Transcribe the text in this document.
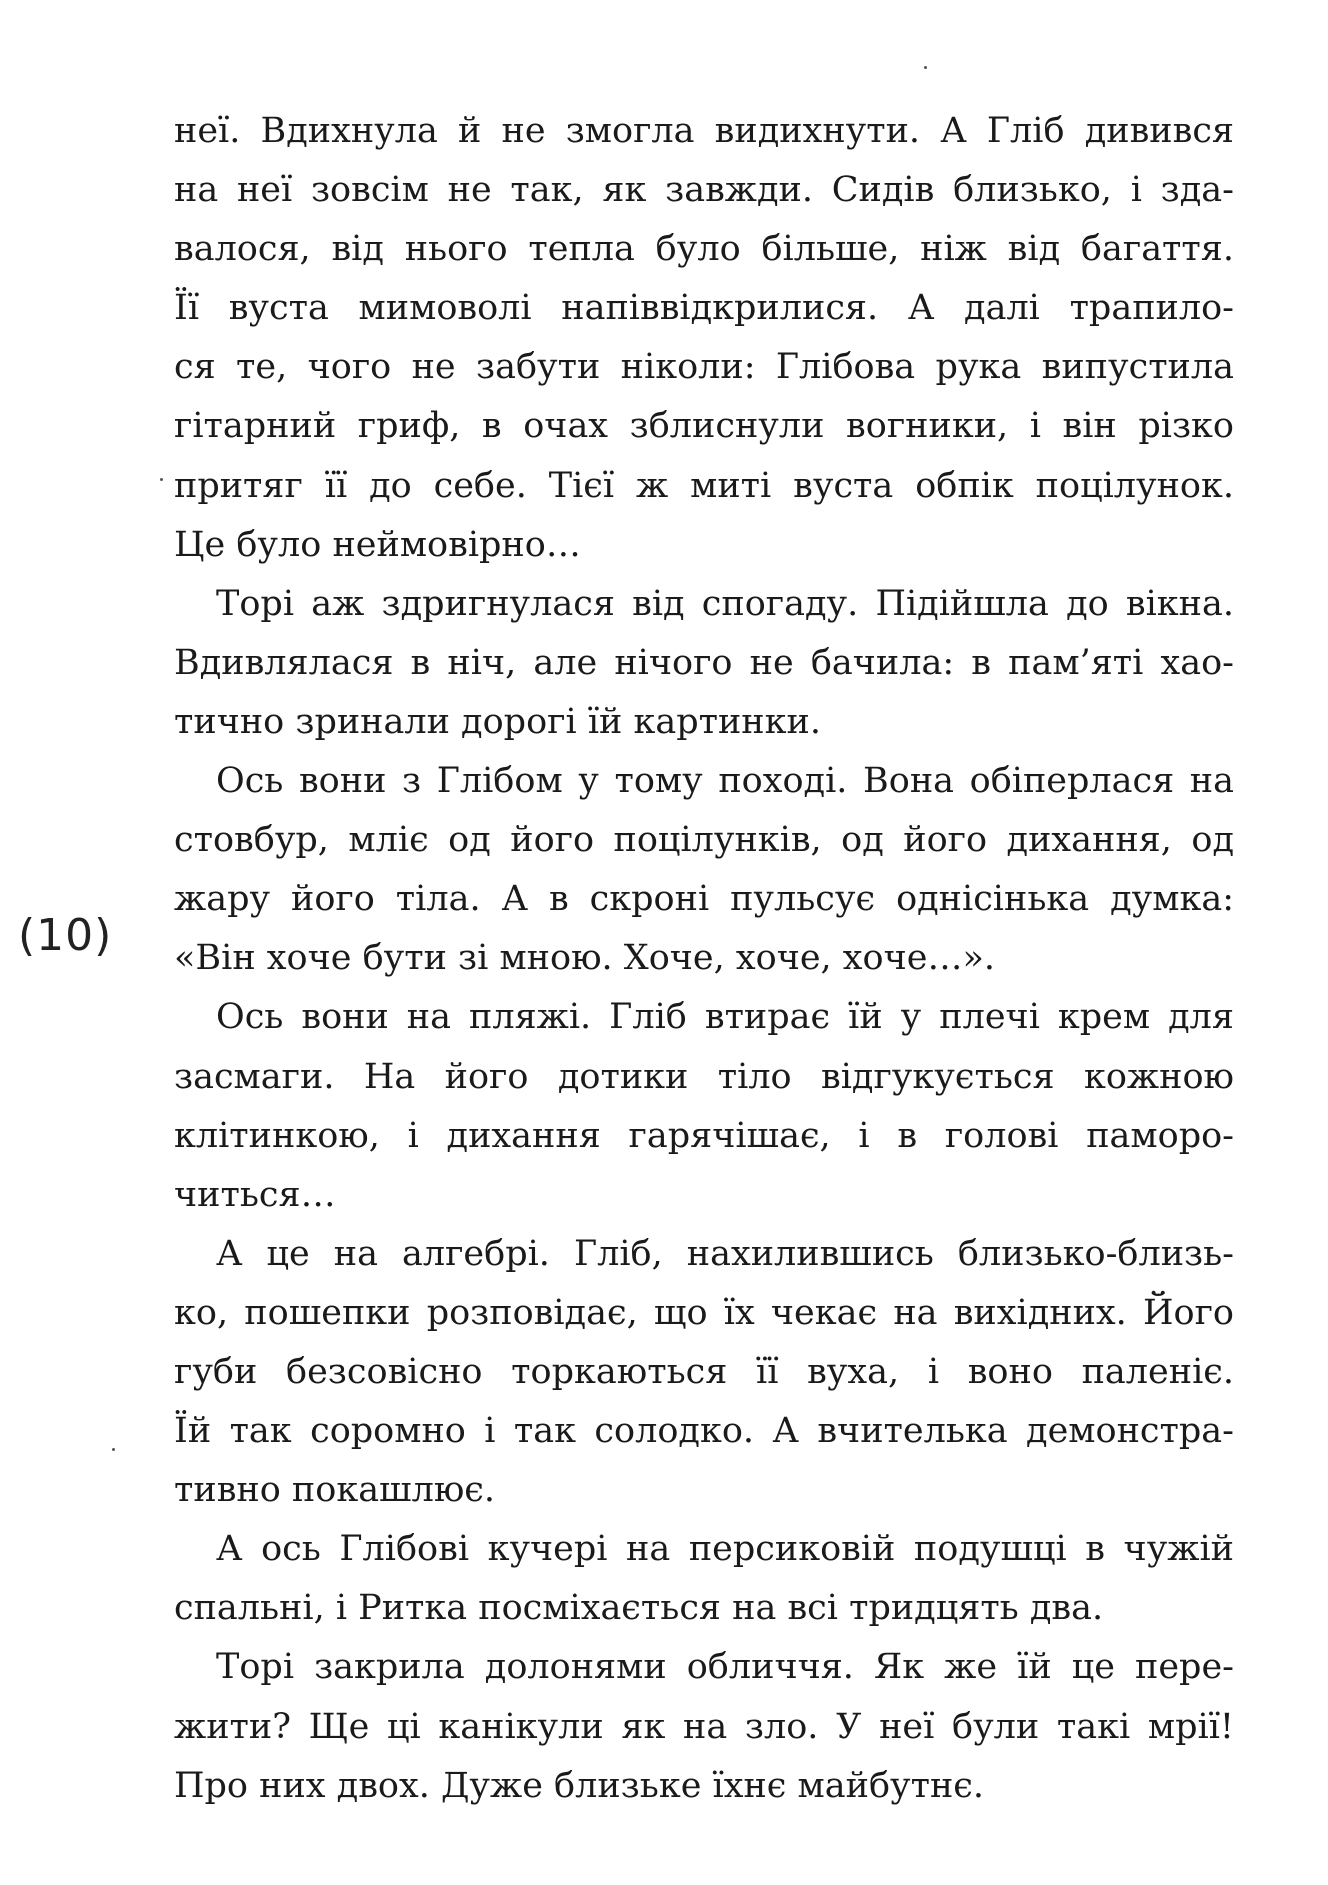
(10)
неї. Вдихнула й не змогла видихнути. А Гліб дивився
на неї зовсім не так, як завжди. Сидів близько, і зда-
валося, від нього тепла було більше, ніж від багаття.
Її вуста мимоволі напіввідкрилися. А далі трапило-
ся те, чого не забути ніколи: Глібова рука випустила
гітарний гриф, в очах зблиснули вогники, і він різко
притяг її до себе. Тієї ж миті вуста обпік поцілунок.
Це було неймовірно…
Торі аж здригнулася від спогаду. Підійшла до вікна.
Вдивлялася в ніч, але нічого не бачила: в пам’яті хао-
тично зринали дорогі їй картинки.
Ось вони з Глібом у тому поході. Вона обіперлася на
стовбур, мліє од його поцілунків, од його дихання, од
жару його тіла. А в скроні пульсує однісінька думка:
«Він хоче бути зі мною. Хоче, хоче, хоче…».
Ось вони на пляжі. Гліб втирає їй у плечі крем для
засмаги. На його дотики тіло відгукується кожною
клітинкою, і дихання гарячішає, і в голові паморо-
читься…
А це на алгебрі. Гліб, нахилившись близько-близь-
ко, пошепки розповідає, що їх чекає на вихідних. Його
губи безсовісно торкаються її вуха, і воно паленіє.
Їй так соромно і так солодко. А вчителька демонстра-
тивно покашлює.
А ось Глібові кучері на персиковій подушці в чужій
спальні, і Ритка посміхається на всі тридцять два.
Торі закрила долонями обличчя. Як же їй це пере-
жити? Ще ці канікули як на зло. У неї були такі мрії!
Про них двох. Дуже близьке їхнє майбутнє.
